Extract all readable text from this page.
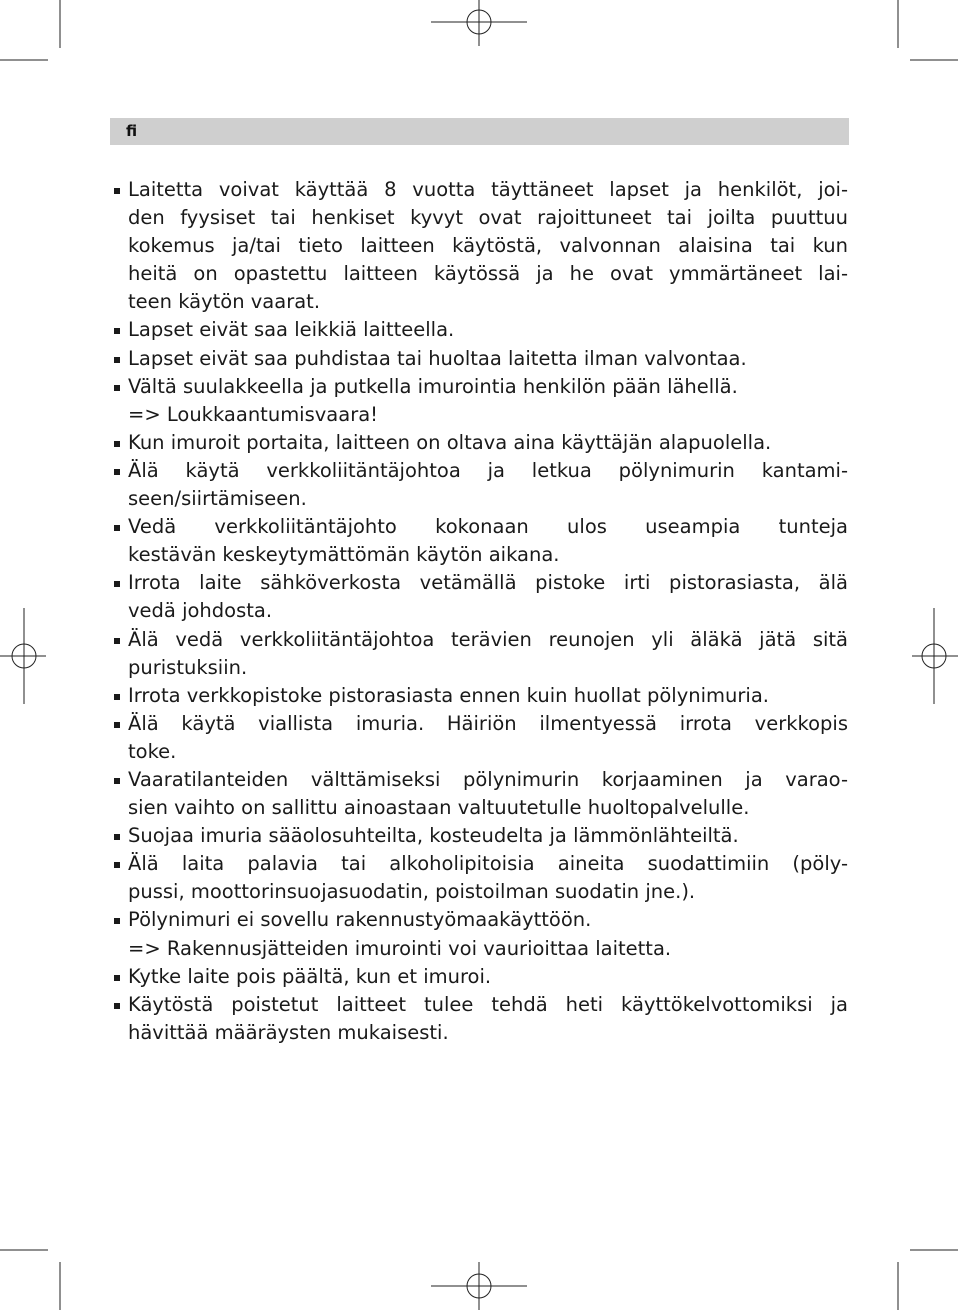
fi
Laitetta voivat käyttää 8 vuotta täyttäneet lapset ja henkilöt, joi-
den fyysiset tai henkiset kyvyt ovat rajoittuneet tai joilta puuttuu
kokemus ja/tai tieto laitteen käytöstä, valvonnan alaisina tai kun
heitä on opastettu laitteen käytössä ja he ovat ymmärtäneet lai-
teen käytön vaarat.
Lapset eivät saa leikkiä laitteella.
Lapset eivät saa puhdistaa tai huoltaa laitetta ilman valvontaa.
Vältä suulakkeella ja putkella imurointia henkilön pään lähellä.
=> Loukkaantumisvaara!
Kun imuroit portaita, laitteen on oltava aina käyttäjän alapuolella.
Älä käytä verkkoliitäntäjohtoa ja letkua pölynimurin kantami-
seen/siirtämiseen.
Vedä verkkoliitäntäjohto kokonaan ulos useampia tunteja
kestävän keskeytymättömän käytön aikana.
Irrota laite sähköverkosta vetämällä pistoke irti pistorasiasta, älä
vedä johdosta.
Älä vedä verkkoliitäntäjohtoa terävien reunojen yli äläkä jätä sitä
puristuksiin.
Irrota verkkopistoke pistorasiasta ennen kuin huollat pölynimuria.
Älä käytä viallista imuria. Häiriön ilmentyessä irrota verkkopis
toke.
Vaaratilanteiden välttämiseksi pölynimurin korjaaminen ja varao-
sien vaihto on sallittu ainoastaan valtuutetulle huoltopalvelulle.
Suojaa imuria sääolosuhteilta, kosteudelta ja lämmönlähteiltä.
Älä laita palavia tai alkoholipitoisia aineita suodattimiin (pöly-
pussi, moottorinsuojasuodatin, poistoilman suodatin jne.).
Pölynimuri ei sovellu rakennustyömaakäyttöön.
=> Rakennusjätteiden imurointi voi vaurioittaa laitetta.
Kytke laite pois päältä, kun et imuroi.
Käytöstä poistetut laitteet tulee tehdä heti käyttökelvottomiksi ja
hävittää määräysten mukaisesti.
